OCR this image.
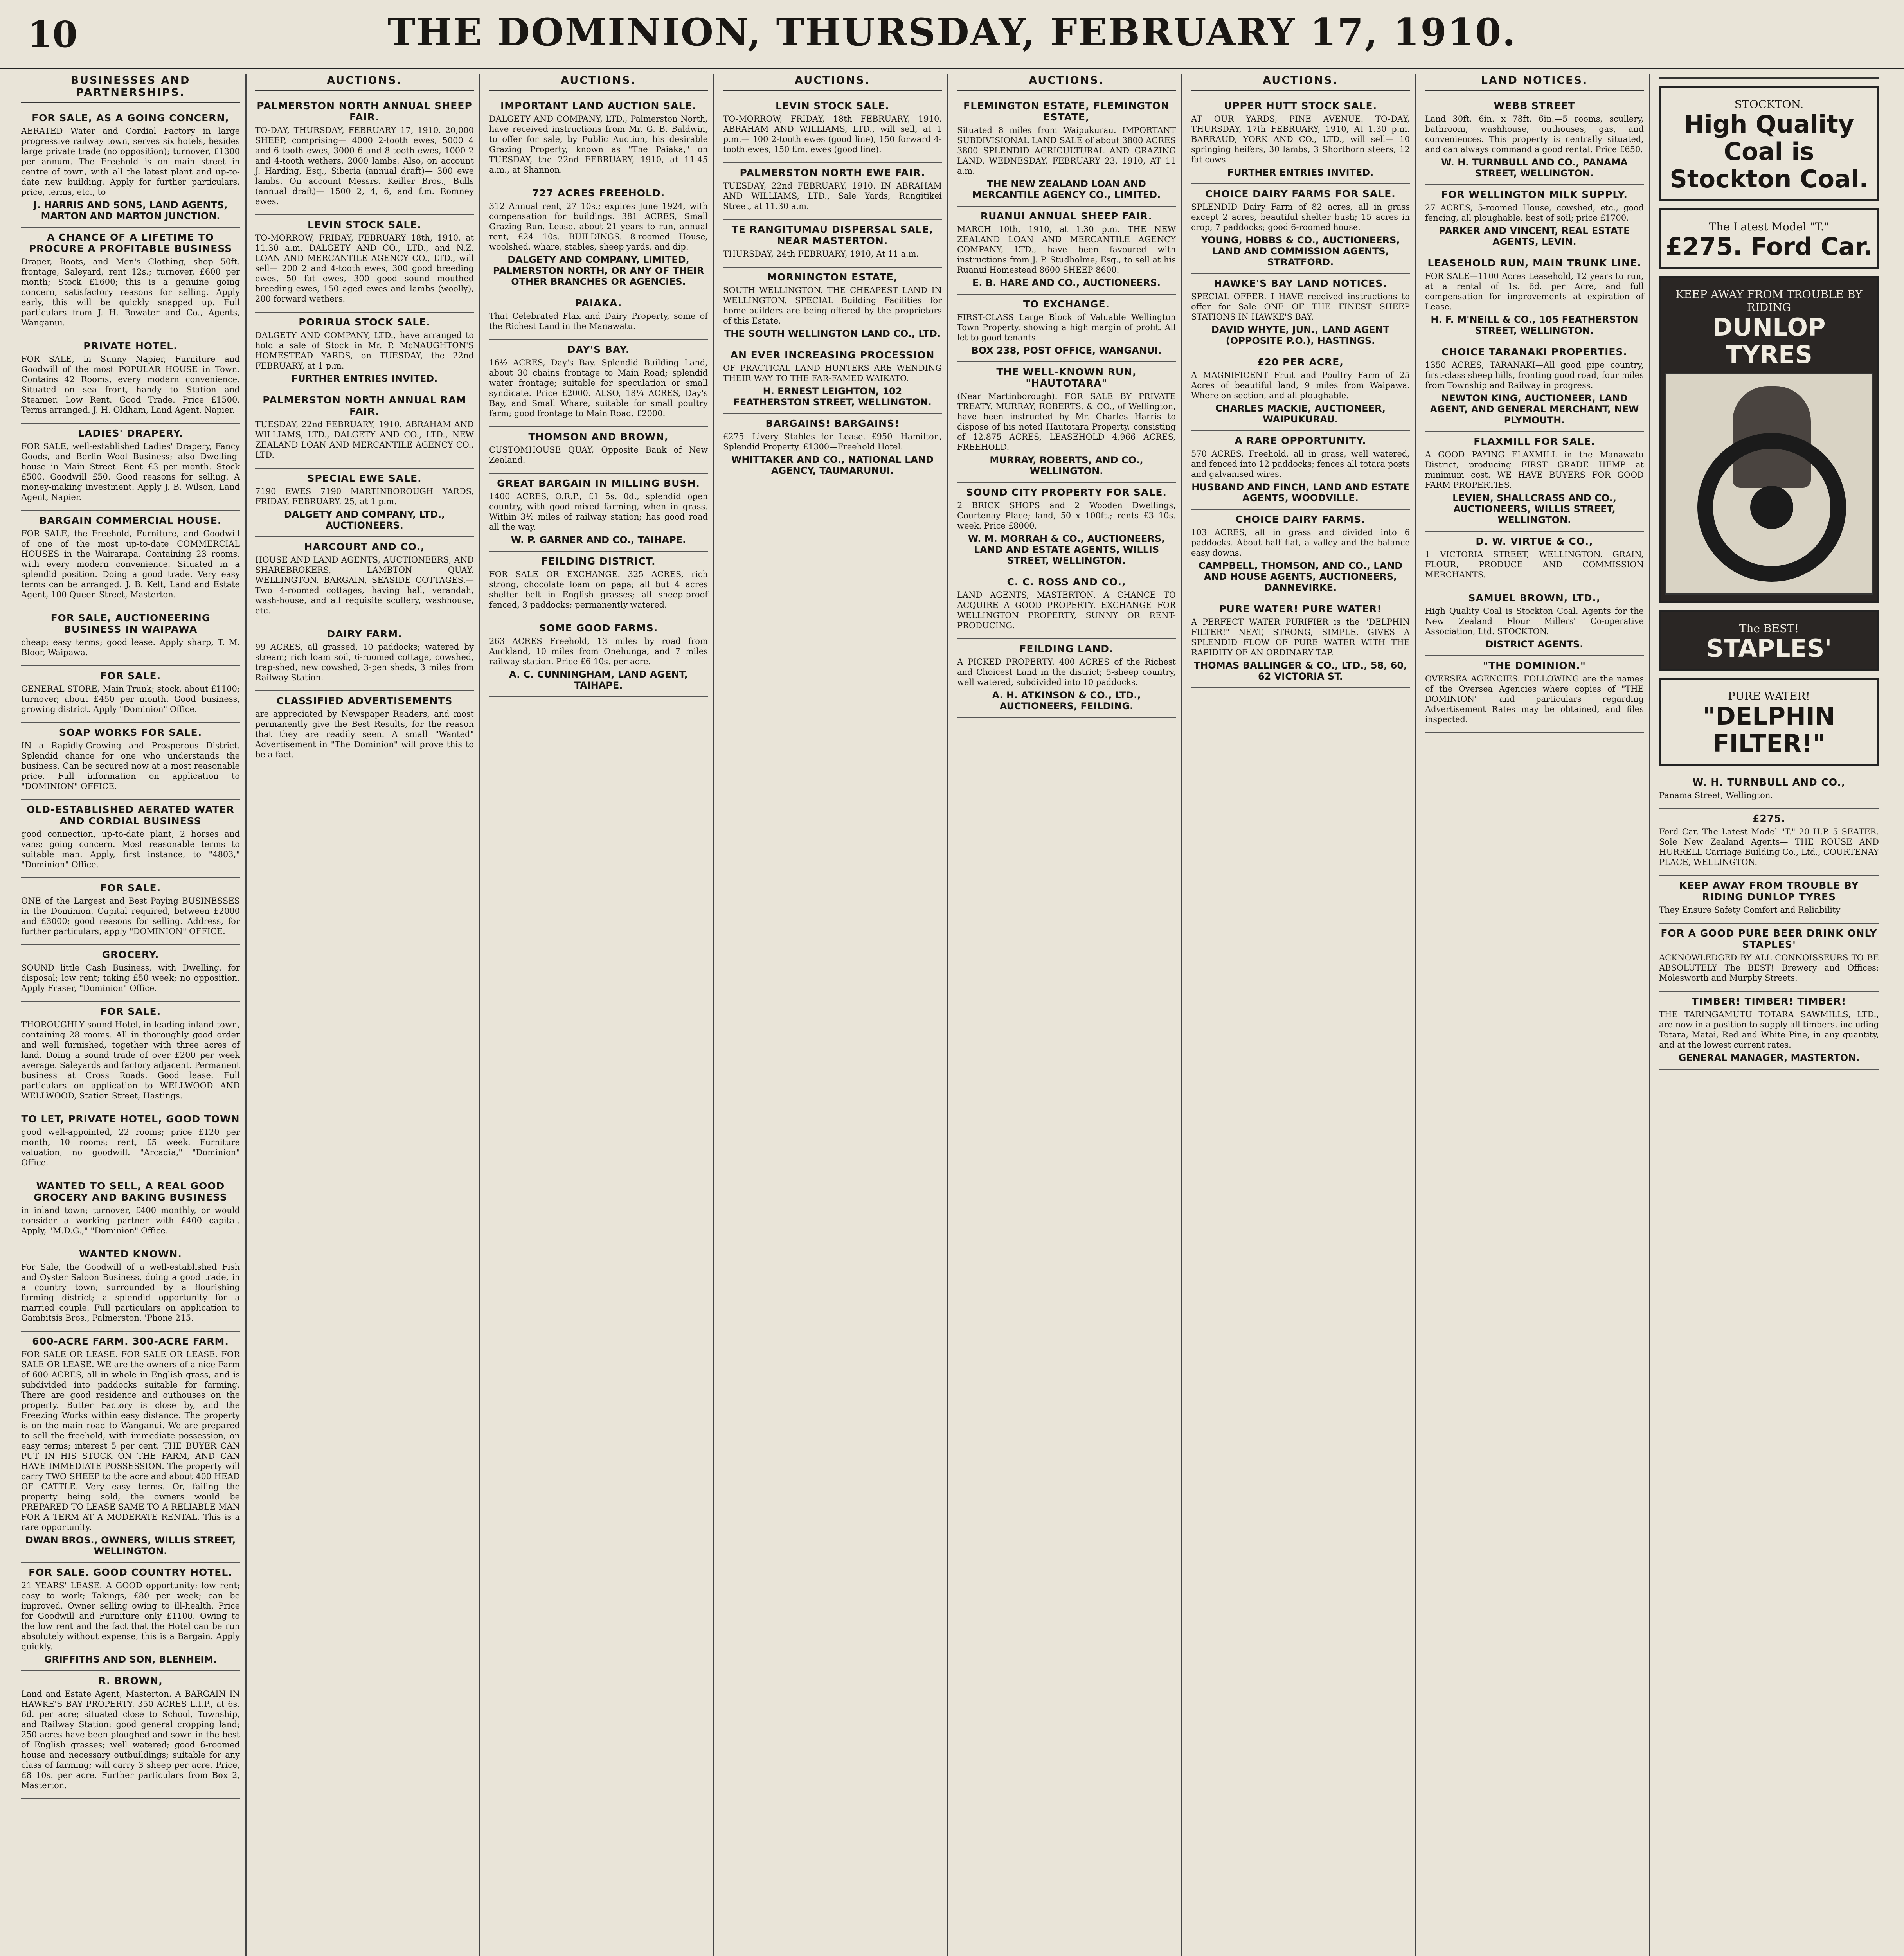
10	THE DOMINION, THURSDAY, FEBRUARY 17, 1910.
BUSINESSES AND PARTNERSHIPS.
FOR SALE, AS A GOING CONCERN,

AERATED Water and Cordial Factory in large progressive railway town, serves six hotels, besides large private trade (no opposition); turnover, £1300 per annum. The Freehold is on main street in centre of town, with all the latest plant and up-to-date new building. Apply for further particulars, price, terms, etc., to

J. HARRIS AND SONS, LAND AGENTS, MARTON AND MARTON JUNCTION.
A CHANCE OF A LIFETIME TO PROCURE A PROFITABLE BUSINESS

Draper, Boots, and Men's Clothing, shop 50ft. frontage, Saleyard, rent 12s.; turnover, £600 per month; Stock £1600; this is a genuine going concern, satisfactory reasons for selling. Apply early, this will be quickly snapped up. Full particulars from J. H. Bowater and Co., Agents, Wanganui.

PRIVATE HOTEL.

FOR SALE, in Sunny Napier, Furniture and Goodwill of the most POPULAR HOUSE in Town. Contains 42 Rooms, every modern convenience. Situated on sea front, handy to Station and Steamer. Low Rent. Good Trade. Price £1500. Terms arranged. J. H. Oldham, Land Agent, Napier.

LADIES' DRAPERY.

FOR SALE, well-established Ladies' Drapery, Fancy Goods, and Berlin Wool Business; also Dwelling-house in Main Street. Rent £3 per month. Stock £500. Goodwill £50. Good reasons for selling. A money-making investment. Apply J. B. Wilson, Land Agent, Napier.

BARGAIN COMMERCIAL HOUSE.

FOR SALE, the Freehold, Furniture, and Goodwill of one of the most up-to-date COMMERCIAL HOUSES in the Wairarapa. Containing 23 rooms, with every modern convenience. Situated in a splendid position. Doing a good trade. Very easy terms can be arranged. J. B. Kelt, Land and Estate Agent, 100 Queen Street, Masterton.

FOR SALE, AUCTIONEERING BUSINESS IN WAIPAWA

cheap; easy terms; good lease. Apply sharp, T. M. Bloor, Waipawa.

FOR SALE.

GENERAL STORE, Main Trunk; stock, about £1100; turnover, about £450 per month. Good business, growing district. Apply "Dominion" Office.

SOAP WORKS FOR SALE.

IN a Rapidly-Growing and Prosperous District. Splendid chance for one who understands the business. Can be secured now at a most reasonable price. Full information on application to "DOMINION" OFFICE.

OLD-ESTABLISHED AERATED WATER AND CORDIAL BUSINESS

good connection, up-to-date plant, 2 horses and vans; going concern. Most reasonable terms to suitable man. Apply, first instance, to "4803," "Dominion" Office.

FOR SALE.

ONE of the Largest and Best Paying BUSINESSES in the Dominion. Capital required, between £2000 and £3000; good reasons for selling. Address, for further particulars, apply "DOMINION" OFFICE.

GROCERY.

SOUND little Cash Business, with Dwelling, for disposal; low rent; taking £50 week; no opposition. Apply Fraser, "Dominion" Office.

FOR SALE.

THOROUGHLY sound Hotel, in leading inland town, containing 28 rooms. All in thoroughly good order and well furnished, together with three acres of land. Doing a sound trade of over £200 per week average. Saleyards and factory adjacent. Permanent business at Cross Roads. Good lease. Full particulars on application to WELLWOOD AND WELLWOOD, Station Street, Hastings.

TO LET, PRIVATE HOTEL, GOOD TOWN

good well-appointed, 22 rooms; price £120 per month, 10 rooms; rent, £5 week. Furniture valuation, no goodwill. "Arcadia," "Dominion" Office.

WANTED TO SELL, A REAL GOOD GROCERY AND BAKING BUSINESS

in inland town; turnover, £400 monthly, or would consider a working partner with £400 capital. Apply, "M.D.G.," "Dominion" Office.

WANTED KNOWN.

For Sale, the Goodwill of a well-established Fish and Oyster Saloon Business, doing a good trade, in a country town; surrounded by a flourishing farming district; a splendid opportunity for a married couple. Full particulars on application to Gambitsis Bros., Palmerston. 'Phone 215.

600-ACRE FARM. 300-ACRE FARM.

FOR SALE OR LEASE. FOR SALE OR LEASE. FOR SALE OR LEASE. WE are the owners of a nice Farm of 600 ACRES, all in whole in English grass, and is subdivided into paddocks suitable for farming. There are good residence and outhouses on the property. Butter Factory is close by, and the Freezing Works within easy distance. The property is on the main road to Wanganui. We are prepared to sell the freehold, with immediate possession, on easy terms; interest 5 per cent. THE BUYER CAN PUT IN HIS STOCK ON THE FARM, AND CAN HAVE IMMEDIATE POSSESSION. The property will carry TWO SHEEP to the acre and about 400 HEAD OF CATTLE. Very easy terms. Or, failing the property being sold, the owners would be PREPARED TO LEASE SAME TO A RELIABLE MAN FOR A TERM AT A MODERATE RENTAL. This is a rare opportunity.

DWAN BROS., OWNERS, WILLIS STREET, WELLINGTON.
FOR SALE. GOOD COUNTRY HOTEL.

21 YEARS' LEASE. A GOOD opportunity; low rent; easy to work; Takings, £80 per week; can be improved. Owner selling owing to ill-health. Price for Goodwill and Furniture only £1100. Owing to the low rent and the fact that the Hotel can be run absolutely without expense, this is a Bargain. Apply quickly.

GRIFFITHS AND SON, BLENHEIM.
R. BROWN,

Land and Estate Agent, Masterton. A BARGAIN IN HAWKE'S BAY PROPERTY. 350 ACRES L.I.P., at 6s. 6d. per acre; situated close to School, Township, and Railway Station; good general cropping land; 250 acres have been ploughed and sown in the best of English grasses; well watered; good 6-roomed house and necessary outbuildings; suitable for any class of farming; will carry 3 sheep per acre. Price, £8 10s. per acre. Further particulars from Box 2, Masterton.

AUCTIONS.
PALMERSTON NORTH ANNUAL SHEEP FAIR.

TO-DAY, THURSDAY, FEBRUARY 17, 1910. 20,000 SHEEP, comprising— 4000 2-tooth ewes, 5000 4 and 6-tooth ewes, 3000 6 and 8-tooth ewes, 1000 2 and 4-tooth wethers, 2000 lambs. Also, on account J. Harding, Esq., Siberia (annual draft)— 300 ewe lambs. On account Messrs. Keiller Bros., Bulls (annual draft)— 1500 2, 4, 6, and f.m. Romney ewes.

LEVIN STOCK SALE.

TO-MORROW, FRIDAY, FEBRUARY 18th, 1910, at 11.30 a.m. DALGETY AND CO., LTD., and N.Z. LOAN AND MERCANTILE AGENCY CO., LTD., will sell— 200 2 and 4-tooth ewes, 300 good breeding ewes, 50 fat ewes, 300 good sound mouthed breeding ewes, 150 aged ewes and lambs (woolly), 200 forward wethers.

PORIRUA STOCK SALE.

DALGETY AND COMPANY, LTD., have arranged to hold a sale of Stock in Mr. P. McNAUGHTON'S HOMESTEAD YARDS, on TUESDAY, the 22nd FEBRUARY, at 1 p.m.

FURTHER ENTRIES INVITED.
PALMERSTON NORTH ANNUAL RAM FAIR.

TUESDAY, 22nd FEBRUARY, 1910. ABRAHAM AND WILLIAMS, LTD., DALGETY AND CO., LTD., NEW ZEALAND LOAN AND MERCANTILE AGENCY CO., LTD.

SPECIAL EWE SALE.

7190 EWES 7190 MARTINBOROUGH YARDS, FRIDAY, FEBRUARY, 25, at 1 p.m.

DALGETY AND COMPANY, LTD., AUCTIONEERS.
HARCOURT AND CO.,

HOUSE AND LAND AGENTS, AUCTIONEERS, AND SHAREBROKERS, LAMBTON QUAY, WELLINGTON. BARGAIN, SEASIDE COTTAGES.—Two 4-roomed cottages, having hall, verandah, wash-house, and all requisite scullery, washhouse, etc.

DAIRY FARM.

99 ACRES, all grassed, 10 paddocks; watered by stream; rich loam soil, 6-roomed cottage, cowshed, trap-shed, new cowshed, 3-pen sheds, 3 miles from Railway Station.

CLASSIFIED ADVERTISEMENTS

are appreciated by Newspaper Readers, and most permanently give the Best Results, for the reason that they are readily seen. A small "Wanted" Advertisement in "The Dominion" will prove this to be a fact.

AUCTIONS.
IMPORTANT LAND AUCTION SALE.

DALGETY AND COMPANY, LTD., Palmerston North, have received instructions from Mr. G. B. Baldwin, to offer for sale, by Public Auction, his desirable Grazing Property, known as "The Paiaka," on TUESDAY, the 22nd FEBRUARY, 1910, at 11.45 a.m., at Shannon.

727 ACRES FREEHOLD.

312 Annual rent, 27 10s.; expires June 1924, with compensation for buildings. 381 ACRES, Small Grazing Run. Lease, about 21 years to run, annual rent, £24 10s. BUILDINGS.—8-roomed House, woolshed, whare, stables, sheep yards, and dip.

DALGETY AND COMPANY, LIMITED, PALMERSTON NORTH, OR ANY OF THEIR OTHER BRANCHES OR AGENCIES.
PAIAKA.

That Celebrated Flax and Dairy Property, some of the Richest Land in the Manawatu.

DAY'S BAY.

16½ ACRES, Day's Bay. Splendid Building Land, about 30 chains frontage to Main Road; splendid water frontage; suitable for speculation or small syndicate. Price £2000. ALSO, 18¼ ACRES, Day's Bay, and Small Whare, suitable for small poultry farm; good frontage to Main Road. £2000.

THOMSON AND BROWN,

CUSTOMHOUSE QUAY, Opposite Bank of New Zealand.

GREAT BARGAIN IN MILLING BUSH.

1400 ACRES, O.R.P., £1 5s. 0d., splendid open country, with good mixed farming, when in grass. Within 3½ miles of railway station; has good road all the way.

W. P. GARNER AND CO., TAIHAPE.
FEILDING DISTRICT.

FOR SALE OR EXCHANGE. 325 ACRES, rich strong, chocolate loam on papa; all but 4 acres shelter belt in English grasses; all sheep-proof fenced, 3 paddocks; permanently watered.

SOME GOOD FARMS.

263 ACRES Freehold, 13 miles by road from Auckland, 10 miles from Onehunga, and 7 miles railway station. Price £6 10s. per acre.

A. C. CUNNINGHAM, LAND AGENT, TAIHAPE.
AUCTIONS.
LEVIN STOCK SALE.

TO-MORROW, FRIDAY, 18th FEBRUARY, 1910. ABRAHAM AND WILLIAMS, LTD., will sell, at 1 p.m.— 100 2-tooth ewes (good line), 150 forward 4-tooth ewes, 150 f.m. ewes (good line).

PALMERSTON NORTH EWE FAIR.

TUESDAY, 22nd FEBRUARY, 1910. IN ABRAHAM AND WILLIAMS, LTD., Sale Yards, Rangitikei Street, at 11.30 a.m.

TE RANGITUMAU DISPERSAL SALE, NEAR MASTERTON.

THURSDAY, 24th FEBRUARY, 1910, At 11 a.m.

MORNINGTON ESTATE,

SOUTH WELLINGTON. THE CHEAPEST LAND IN WELLINGTON. SPECIAL Building Facilities for home-builders are being offered by the proprietors of this Estate.

THE SOUTH WELLINGTON LAND CO., LTD.
AN EVER INCREASING PROCESSION

OF PRACTICAL LAND HUNTERS ARE WENDING THEIR WAY TO THE FAR-FAMED WAIKATO.

H. ERNEST LEIGHTON, 102 FEATHERSTON STREET, WELLINGTON.
BARGAINS! BARGAINS!

£275—Livery Stables for Lease. £950—Hamilton, Splendid Property. £1300—Freehold Hotel.

WHITTAKER AND CO., NATIONAL LAND AGENCY, TAUMARUNUI.
AUCTIONS.
FLEMINGTON ESTATE, FLEMINGTON ESTATE,

Situated 8 miles from Waipukurau. IMPORTANT SUBDIVISIONAL LAND SALE of about 3800 ACRES 3800 SPLENDID AGRICULTURAL AND GRAZING LAND. WEDNESDAY, FEBRUARY 23, 1910, AT 11 a.m.

THE NEW ZEALAND LOAN AND MERCANTILE AGENCY CO., LIMITED.
RUANUI ANNUAL SHEEP FAIR.

MARCH 10th, 1910, at 1.30 p.m. THE NEW ZEALAND LOAN AND MERCANTILE AGENCY COMPANY, LTD., have been favoured with instructions from J. P. Studholme, Esq., to sell at his Ruanui Homestead 8600 SHEEP 8600.

E. B. HARE AND CO., AUCTIONEERS.
TO EXCHANGE.

FIRST-CLASS Large Block of Valuable Wellington Town Property, showing a high margin of profit. All let to good tenants.

BOX 238, POST OFFICE, WANGANUI.
THE WELL-KNOWN RUN, "HAUTOTARA"

(Near Martinborough). FOR SALE BY PRIVATE TREATY. MURRAY, ROBERTS, & CO., of Wellington, have been instructed by Mr. Charles Harris to dispose of his noted Hautotara Property, consisting of 12,875 ACRES, LEASEHOLD 4,966 ACRES, FREEHOLD.

MURRAY, ROBERTS, AND CO., WELLINGTON.
SOUND CITY PROPERTY FOR SALE.

2 BRICK SHOPS and 2 Wooden Dwellings, Courtenay Place; land, 50 x 100ft.; rents £3 10s. week. Price £8000.

W. M. MORRAH & CO., AUCTIONEERS, LAND AND ESTATE AGENTS, WILLIS STREET, WELLINGTON.
C. C. ROSS AND CO.,

LAND AGENTS, MASTERTON. A CHANCE TO ACQUIRE A GOOD PROPERTY. EXCHANGE FOR WELLINGTON PROPERTY, SUNNY OR RENT-PRODUCING.

FEILDING LAND.

A PICKED PROPERTY. 400 ACRES of the Richest and Choicest Land in the district; 5-sheep country, well watered, subdivided into 10 paddocks.

A. H. ATKINSON & CO., LTD., AUCTIONEERS, FEILDING.
AUCTIONS.
UPPER HUTT STOCK SALE.

AT OUR YARDS, PINE AVENUE. TO-DAY, THURSDAY, 17th FEBRUARY, 1910, At 1.30 p.m. BARRAUD, YORK AND CO., LTD., will sell— 10 springing heifers, 30 lambs, 3 Shorthorn steers, 12 fat cows.

FURTHER ENTRIES INVITED.
CHOICE DAIRY FARMS FOR SALE.

SPLENDID Dairy Farm of 82 acres, all in grass except 2 acres, beautiful shelter bush; 15 acres in crop; 7 paddocks; good 6-roomed house.

YOUNG, HOBBS & CO., AUCTIONEERS, LAND AND COMMISSION AGENTS, STRATFORD.
HAWKE'S BAY LAND NOTICES.

SPECIAL OFFER. I HAVE received instructions to offer for Sale ONE OF THE FINEST SHEEP STATIONS IN HAWKE'S BAY.

DAVID WHYTE, JUN., LAND AGENT (OPPOSITE P.O.), HASTINGS.
£20 PER ACRE,

A MAGNIFICENT Fruit and Poultry Farm of 25 Acres of beautiful land, 9 miles from Waipawa. Where on section, and all ploughable.

CHARLES MACKIE, AUCTIONEER, WAIPUKURAU.
A RARE OPPORTUNITY.

570 ACRES, Freehold, all in grass, well watered, and fenced into 12 paddocks; fences all totara posts and galvanised wires.

HUSBAND AND FINCH, LAND AND ESTATE AGENTS, WOODVILLE.
CHOICE DAIRY FARMS.

103 ACRES, all in grass and divided into 6 paddocks. About half flat, a valley and the balance easy downs.

CAMPBELL, THOMSON, AND CO., LAND AND HOUSE AGENTS, AUCTIONEERS, DANNEVIRKE.
PURE WATER! PURE WATER!

A PERFECT WATER PURIFIER is the "DELPHIN FILTER!" NEAT, STRONG, SIMPLE. GIVES A SPLENDID FLOW OF PURE WATER WITH THE RAPIDITY OF AN ORDINARY TAP.

THOMAS BALLINGER & CO., LTD., 58, 60, 62 VICTORIA ST.
LAND NOTICES.
WEBB STREET

Land 30ft. 6in. x 78ft. 6in.—5 rooms, scullery, bathroom, washhouse, outhouses, gas, and conveniences. This property is centrally situated, and can always command a good rental. Price £650.

W. H. TURNBULL AND CO., PANAMA STREET, WELLINGTON.
FOR WELLINGTON MILK SUPPLY.

27 ACRES, 5-roomed House, cowshed, etc., good fencing, all ploughable, best of soil; price £1700.

PARKER AND VINCENT, REAL ESTATE AGENTS, LEVIN.
LEASEHOLD RUN, MAIN TRUNK LINE.

FOR SALE—1100 Acres Leasehold, 12 years to run, at a rental of 1s. 6d. per Acre, and full compensation for improvements at expiration of Lease.

H. F. M'NEILL & CO., 105 FEATHERSTON STREET, WELLINGTON.
CHOICE TARANAKI PROPERTIES.

1350 ACRES, TARANAKI—All good pipe country, first-class sheep hills, fronting good road, four miles from Township and Railway in progress.

NEWTON KING, AUCTIONEER, LAND AGENT, AND GENERAL MERCHANT, NEW PLYMOUTH.
FLAXMILL FOR SALE.

A GOOD PAYING FLAXMILL in the Manawatu District, producing FIRST GRADE HEMP at minimum cost. WE HAVE BUYERS FOR GOOD FARM PROPERTIES.

LEVIEN, SHALLCRASS AND CO., AUCTIONEERS, WILLIS STREET, WELLINGTON.
D. W. VIRTUE & CO.,

1 VICTORIA STREET, WELLINGTON. GRAIN, FLOUR, PRODUCE AND COMMISSION MERCHANTS.

SAMUEL BROWN, LTD.,

High Quality Coal is Stockton Coal. Agents for the New Zealand Flour Millers' Co-operative Association, Ltd. STOCKTON.

DISTRICT AGENTS.
"THE DOMINION."

OVERSEA AGENCIES. FOLLOWING are the names of the Oversea Agencies where copies of "THE DOMINION" and particulars regarding Advertisement Rates may be obtained, and files inspected.

STOCKTON.
High Quality Coal is Stockton Coal.
The Latest Model "T."
£275. Ford Car.
KEEP AWAY FROM TROUBLE BY RIDING
DUNLOP TYRES
The BEST!
STAPLES'
PURE WATER!
"DELPHIN FILTER!"
W. H. TURNBULL AND CO.,

Panama Street, Wellington.

£275.

Ford Car. The Latest Model "T." 20 H.P. 5 SEATER. Sole New Zealand Agents— THE ROUSE AND HURRELL Carriage Building Co., Ltd., COURTENAY PLACE, WELLINGTON.

KEEP AWAY FROM TROUBLE BY RIDING DUNLOP TYRES

They Ensure Safety Comfort and Reliability

FOR A GOOD PURE BEER DRINK ONLY STAPLES'

ACKNOWLEDGED BY ALL CONNOISSEURS TO BE ABSOLUTELY The BEST! Brewery and Offices: Molesworth and Murphy Streets.

TIMBER! TIMBER! TIMBER!

THE TARINGAMUTU TOTARA SAWMILLS, LTD., are now in a position to supply all timbers, including Totara, Matai, Red and White Pine, in any quantity, and at the lowest current rates.

GENERAL MANAGER, MASTERTON.
